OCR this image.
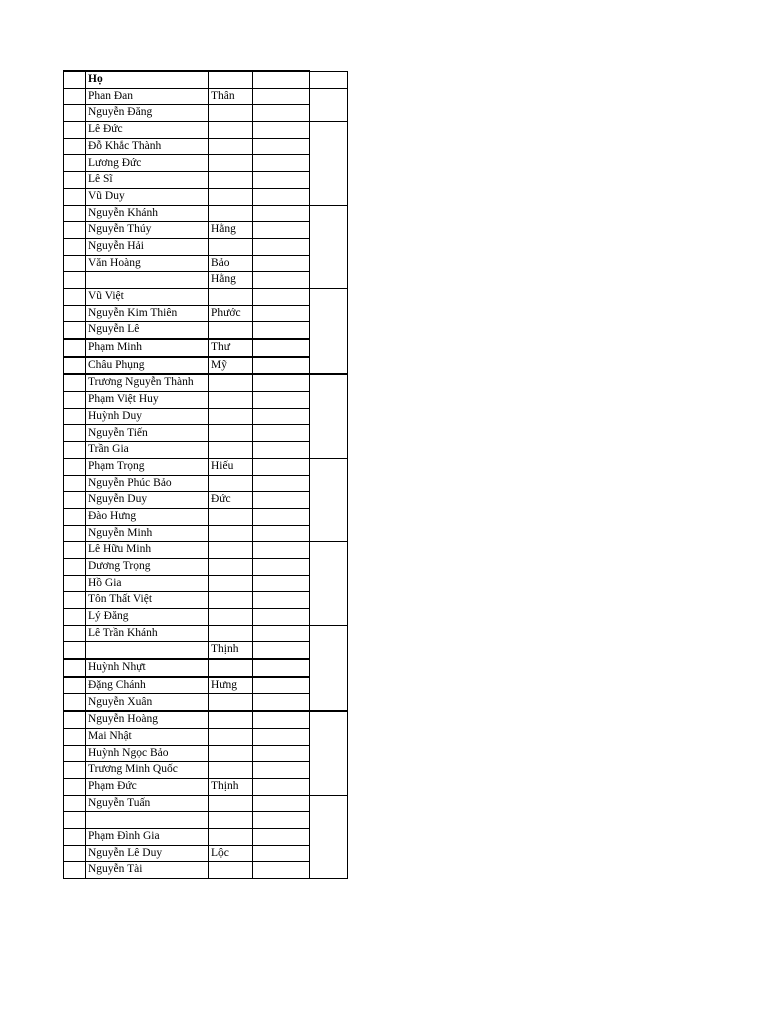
	Họ			
	Phan Đan	Thân		
	Nguyễn Đăng			
	Lê Đức			
	Đỗ Khắc Thành			
	Lương Đức			
	Lê Sĩ			
	Vũ Duy			
	Nguyễn Khánh			
	Nguyễn Thúy	Hằng		
	Nguyễn Hải			
	Văn Hoàng	Bảo		
		Hằng		
	Vũ Việt			
	Nguyễn Kim Thiên	Phước		
	Nguyễn Lê			
	Phạm Minh	Thư		
	Châu Phụng	Mỹ		
	Trương Nguyễn Thành			
	Phạm Việt Huy			
	Huỳnh Duy			
	Nguyễn Tiến			
	Trần Gia			
	Phạm Trọng	Hiếu		
	Nguyễn Phúc Bảo			
	Nguyễn Duy	Đức		
	Đào Hưng			
	Nguyễn Minh			
	Lê Hữu Minh			
	Dương Trọng			
	Hồ Gia			
	Tôn Thất Việt			
	Lý Đăng			
	Lê Trần Khánh			
		Thịnh		
	Huỳnh Nhựt			
	Đặng Chánh	Hưng		
	Nguyễn Xuân			
	Nguyễn Hoàng			
	Mai Nhật			
	Huỳnh Ngọc Bảo			
	Trương Minh Quốc			
	Phạm Đức	Thịnh		
	Nguyễn Tuấn			

	Phạm Đình Gia			
	Nguyễn Lê Duy	Lộc		
	Nguyễn Tài			
